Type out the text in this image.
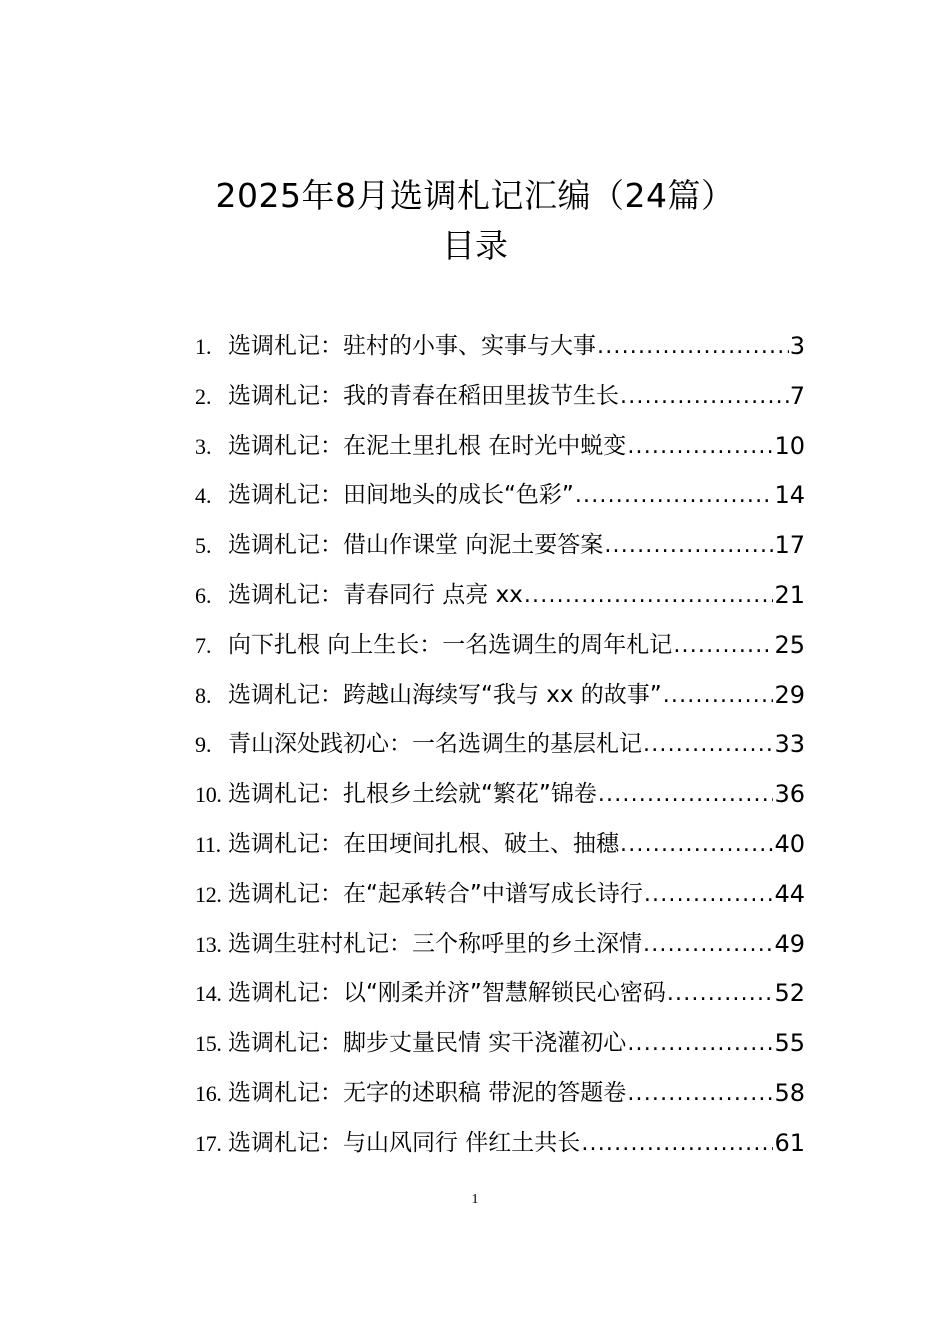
2025年8月选调札记汇编（24篇）
目录
1. 选调札记：驻村的小事、实事与大事 .....	3
2. 选调札记：我的青春在稻田里拔节生长 .....	7
3. 选调札记：在泥土里扎根 在时光中蜕变 .....	10
4. 选调札记：田间地头的成长“色彩” .....	14
5. 选调札记：借山作课堂 向泥土要答案 .....	17
6. 选调札记：青春同行 点亮 xx .....	21
7. 向下扎根 向上生长：一名选调生的周年札记 .....	25
8. 选调札记：跨越山海续写“我与 xx 的故事” .....	29
9. 青山深处践初心：一名选调生的基层札记 .....	33
10. 选调札记：扎根乡土绘就“繁花”锦卷 .....	36
11. 选调札记：在田埂间扎根、破土、抽穗 .....	40
12. 选调札记：在“起承转合”中谱写成长诗行 .....	44
13. 选调生驻村札记：三个称呼里的乡土深情 .....	49
14. 选调札记：以“刚柔并济”智慧解锁民心密码 .....	52
15. 选调札记：脚步丈量民情 实干浇灌初心 .....	55
16. 选调札记：无字的述职稿 带泥的答题卷 .....	58
17. 选调札记：与山风同行 伴红土共长 .....	61
1
